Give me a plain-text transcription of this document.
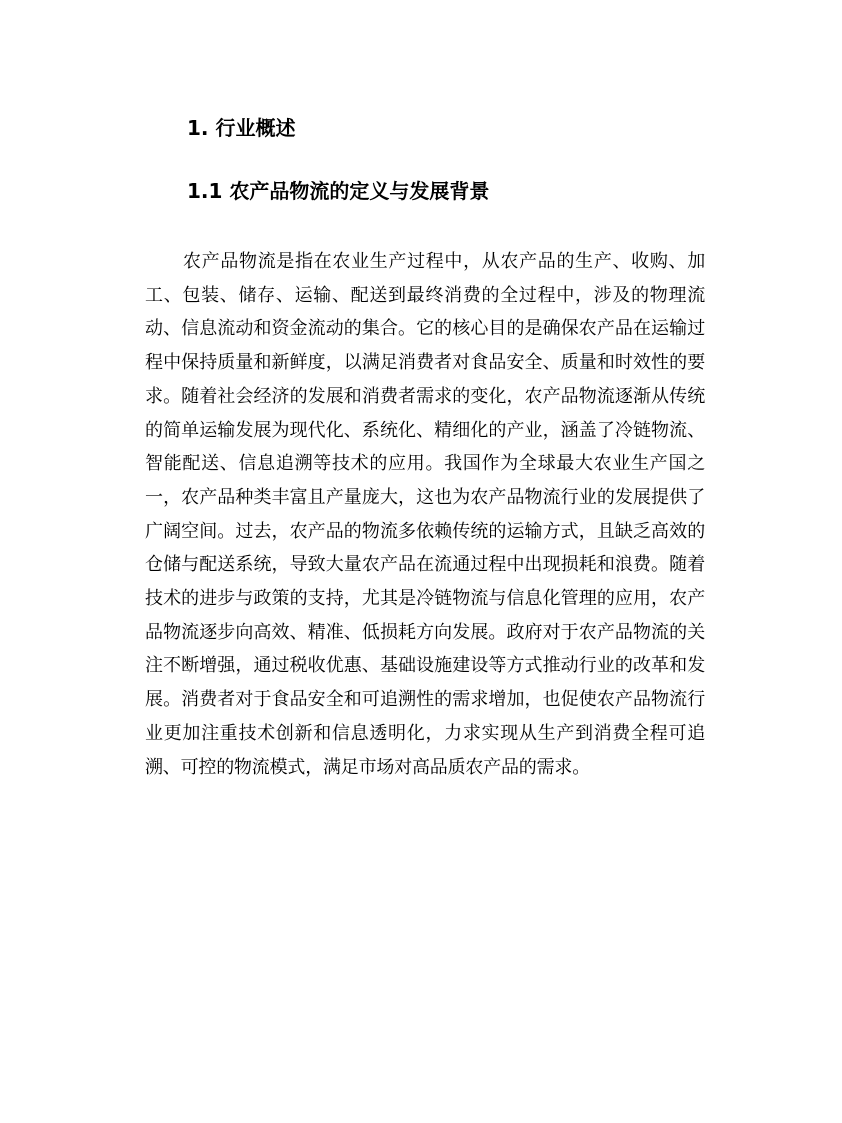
1. 行业概述
1.1 农产品物流的定义与发展背景

农产品物流是指在农业生产过程中，从农产品的生产、收购、加工、包装、储存、运输、配送到最终消费的全过程中，涉及的物理流动、信息流动和资金流动的集合。它的核心目的是确保农产品在运输过程中保持质量和新鲜度，以满足消费者对食品安全、质量和时效性的要求。随着社会经济的发展和消费者需求的变化，农产品物流逐渐从传统的简单运输发展为现代化、系统化、精细化的产业，涵盖了冷链物流、智能配送、信息追溯等技术的应用。我国作为全球最大农业生产国之一，农产品种类丰富且产量庞大，这也为农产品物流行业的发展提供了广阔空间。过去，农产品的物流多依赖传统的运输方式，且缺乏高效的仓储与配送系统，导致大量农产品在流通过程中出现损耗和浪费。随着技术的进步与政策的支持，尤其是冷链物流与信息化管理的应用，农产品物流逐步向高效、精准、低损耗方向发展。政府对于农产品物流的关注不断增强，通过税收优惠、基础设施建设等方式推动行业的改革和发展。消费者对于食品安全和可追溯性的需求增加，也促使农产品物流行业更加注重技术创新和信息透明化，力求实现从生产到消费全程可追溯、可控的物流模式，满足市场对高品质农产品的需求。
